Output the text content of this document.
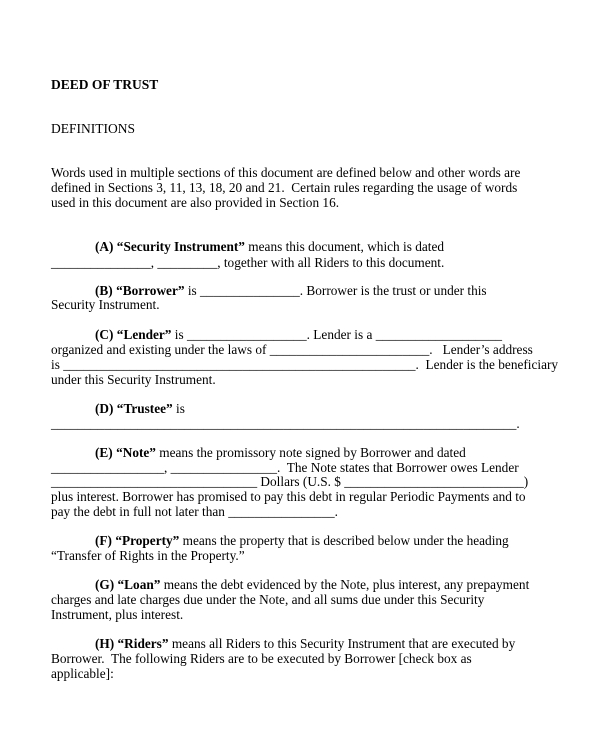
DEED OF TRUST
DEFINITIONS
Words used in multiple sections of this document are defined below and other words are
defined in Sections 3, 11, 13, 18, 20 and 21.  Certain rules regarding the usage of words
used in this document are also provided in Section 16.
(A) “Security Instrument” means this document, which is dated
_______________, _________, together with all Riders to this document.
(B) “Borrower” is _______________. Borrower is the trust or under this
Security Instrument.
(C) “Lender” is __________________. Lender is a ___________________
organized and existing under the laws of ________________________.   Lender’s address
is _____________________________________________________.  Lender is the beneficiary
under this Security Instrument.
(D) “Trustee” is
______________________________________________________________________.
(E) “Note” means the promissory note signed by Borrower and dated
_________________, ________________.  The Note states that Borrower owes Lender
_______________________________ Dollars (U.S. $ ___________________________)
plus interest. Borrower has promised to pay this debt in regular Periodic Payments and to
pay the debt in full not later than ________________.
(F) “Property” means the property that is described below under the heading
“Transfer of Rights in the Property.”
(G) “Loan” means the debt evidenced by the Note, plus interest, any prepayment
charges and late charges due under the Note, and all sums due under this Security
Instrument, plus interest.
(H) “Riders” means all Riders to this Security Instrument that are executed by
Borrower.  The following Riders are to be executed by Borrower [check box as
applicable]:
